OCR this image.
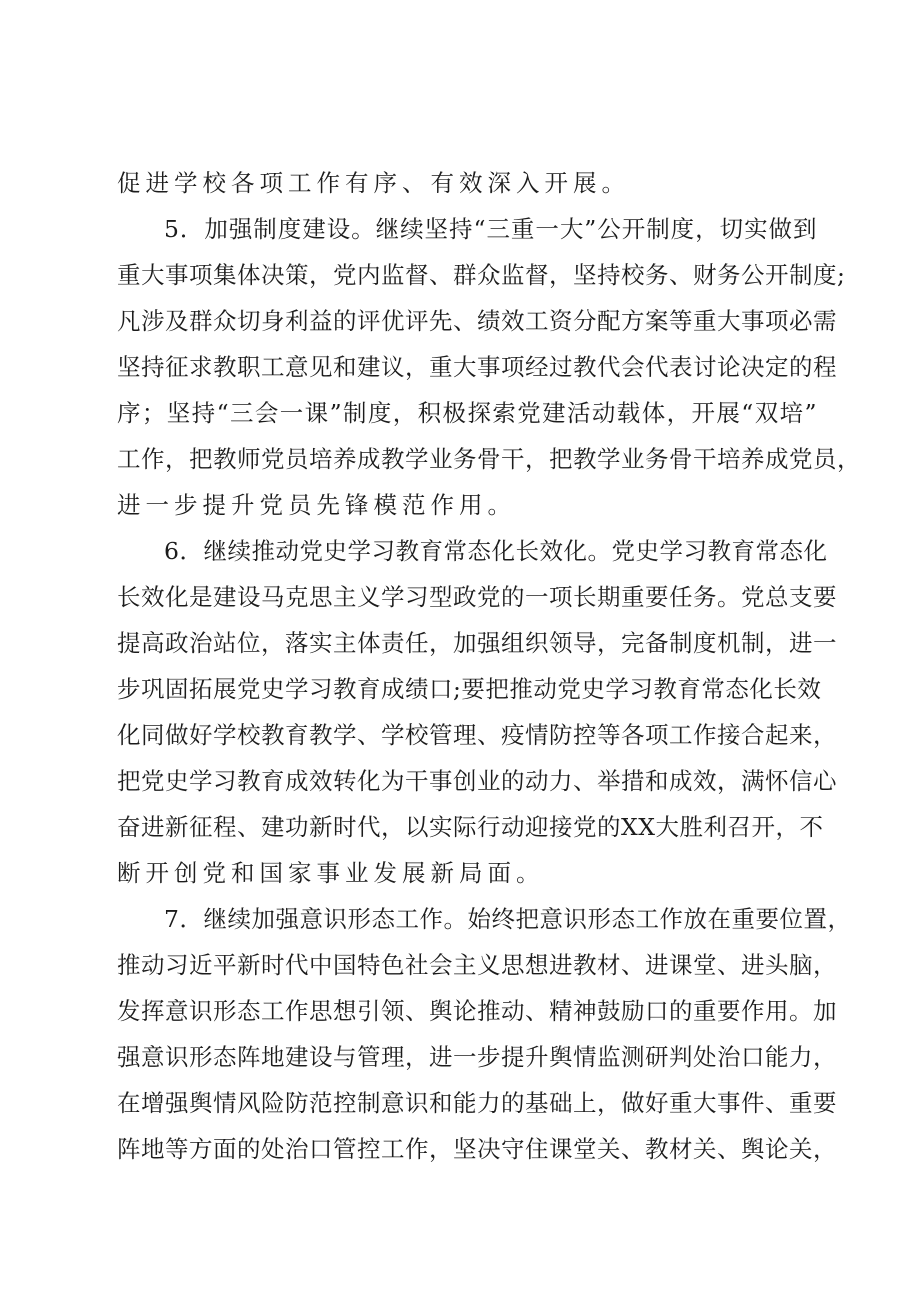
促进学校各项工作有序、有效深入开展。
5．加强制度建设。继续坚持“三重一大”公开制度，切实做到
重大事项集体决策，党内监督、群众监督，坚持校务、财务公开制度;
凡涉及群众切身利益的评优评先、绩效工资分配方案等重大事项必需
坚持征求教职工意见和建议，重大事项经过教代会代表讨论决定的程
序；坚持“三会一课”制度，积极探索党建活动载体，开展“双培”
工作，把教师党员培养成教学业务骨干，把教学业务骨干培养成党员，
进一步提升党员先锋模范作用。
6．继续推动党史学习教育常态化长效化。党史学习教育常态化
长效化是建设马克思主义学习型政党的一项长期重要任务。党总支要
提高政治站位，落实主体责任，加强组织领导，完备制度机制，进一
步巩固拓展党史学习教育成绩口;要把推动党史学习教育常态化长效
化同做好学校教育教学、学校管理、疫情防控等各项工作接合起来，
把党史学习教育成效转化为干事创业的动力、举措和成效，满怀信心
奋进新征程、建功新时代，以实际行动迎接党的XX大胜利召开，不
断开创党和国家事业发展新局面。
7．继续加强意识形态工作。始终把意识形态工作放在重要位置，
推动习近平新时代中国特色社会主义思想进教材、进课堂、进头脑，
发挥意识形态工作思想引领、舆论推动、精神鼓励口的重要作用。加
强意识形态阵地建设与管理，进一步提升舆情监测研判处治口能力，
在增强舆情风险防范控制意识和能力的基础上，做好重大事件、重要
阵地等方面的处治口管控工作，坚决守住课堂关、教材关、舆论关，
